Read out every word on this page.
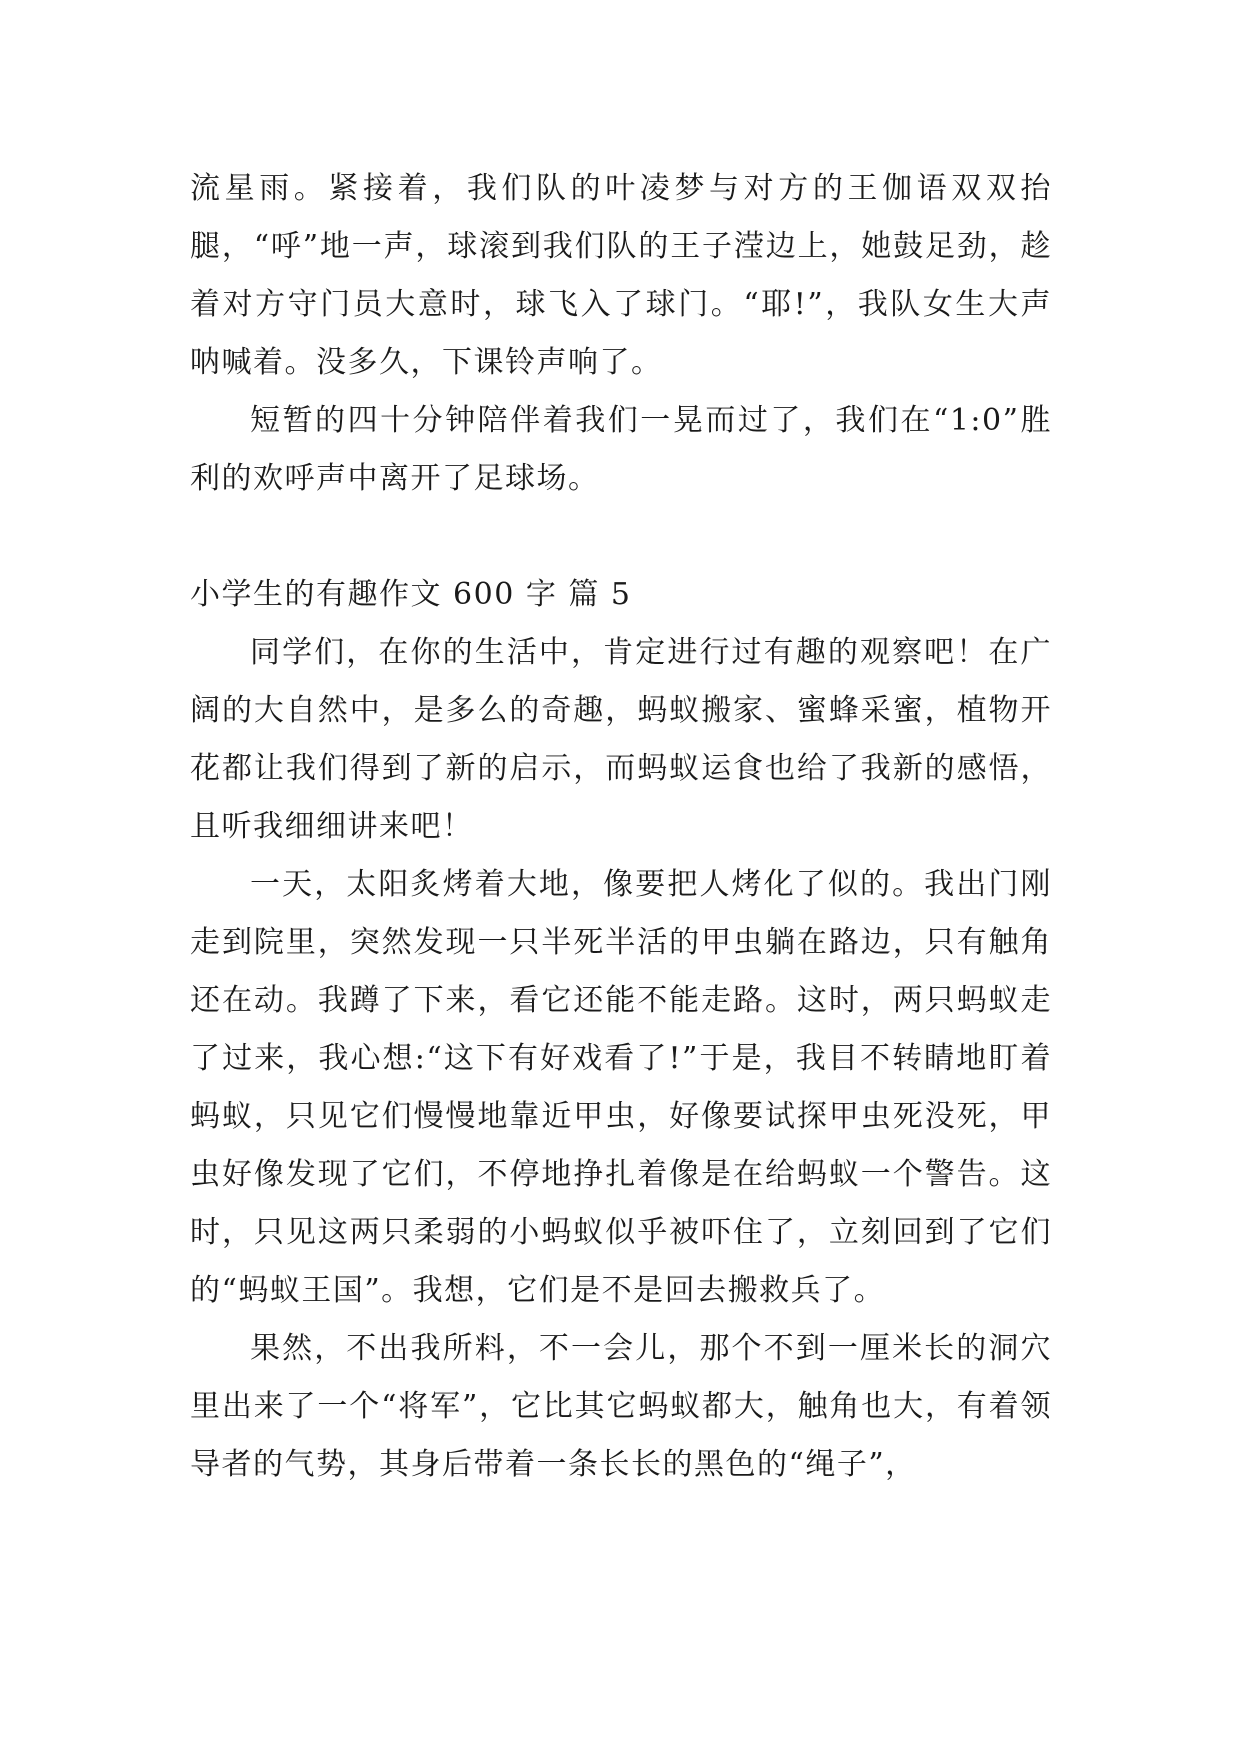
流星雨。紧接着，我们队的叶凌梦与对方的王伽语双双抬腿，“呼”地一声，球滚到我们队的王子滢边上，她鼓足劲，趁着对方守门员大意时，球飞入了球门。“耶!”，我队女生大声呐喊着。没多久，下课铃声响了。

短暂的四十分钟陪伴着我们一晃而过了，我们在“1:0”胜利的欢呼声中离开了足球场。

小学生的有趣作文 600 字 篇 5

同学们，在你的生活中，肯定进行过有趣的观察吧！在广阔的大自然中，是多么的奇趣，蚂蚁搬家、蜜蜂采蜜，植物开花都让我们得到了新的启示，而蚂蚁运食也给了我新的感悟，且听我细细讲来吧！

一天，太阳炙烤着大地，像要把人烤化了似的。我出门刚走到院里，突然发现一只半死半活的甲虫躺在路边，只有触角还在动。我蹲了下来，看它还能不能走路。这时，两只蚂蚁走了过来，我心想:“这下有好戏看了!”于是，我目不转睛地盯着蚂蚁，只见它们慢慢地靠近甲虫，好像要试探甲虫死没死，甲虫好像发现了它们，不停地挣扎着像是在给蚂蚁一个警告。这时，只见这两只柔弱的小蚂蚁似乎被吓住了，立刻回到了它们的“蚂蚁王国”。我想，它们是不是回去搬救兵了。

果然，不出我所料，不一会儿，那个不到一厘米长的洞穴里出来了一个“将军”，它比其它蚂蚁都大，触角也大，有着领导者的气势，其身后带着一条长长的黑色的“绳子”，
